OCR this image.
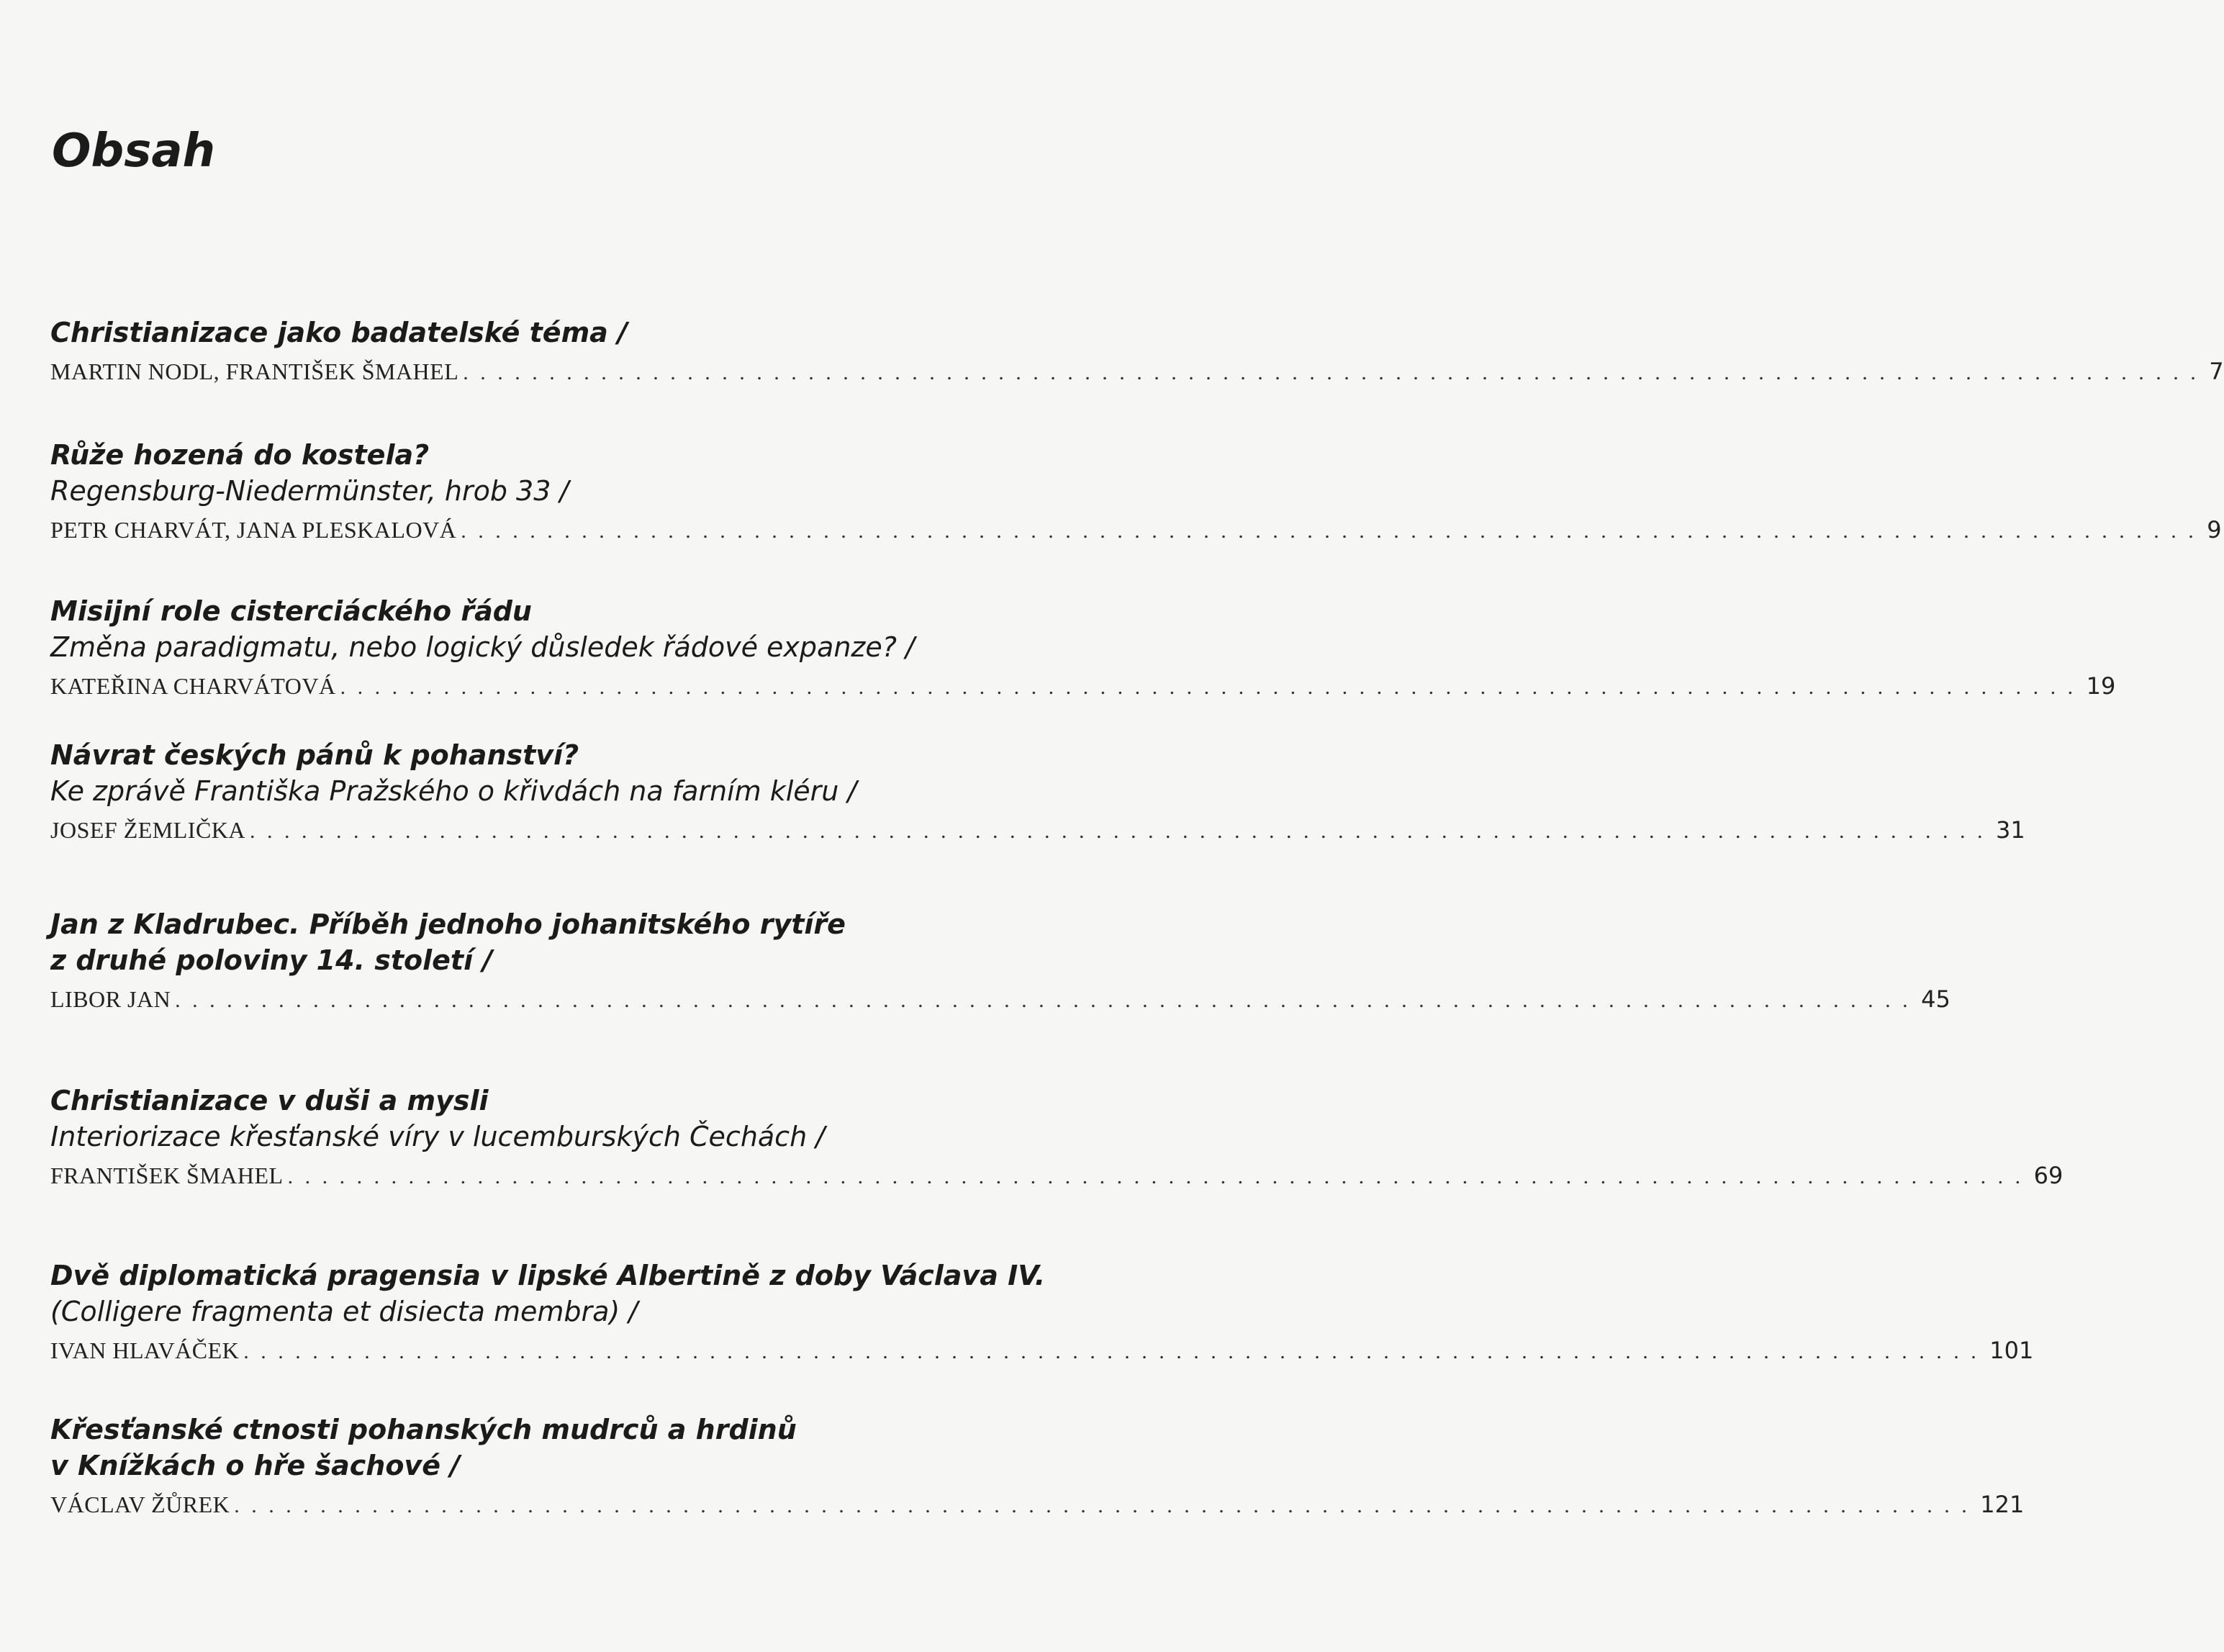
Obsah

Christianizace jako badatelské téma /

MARTIN NODL, FRANTIŠEK ŠMAHEL . . . . . . . . . . . . . . . . . . . . . . . . . . . . . . . . . . . . . . . . . . . . . . . . . . . . . . . . . . . . . . . . . . . . . . . . . . . . . . . . . . . . . . . . . . . . . . . . . . . . . 7

Růže hozená do kostela?

Regensburg-Niedermünster, hrob 33 /

PETR CHARVÁT, JANA PLESKALOVÁ . . . . . . . . . . . . . . . . . . . . . . . . . . . . . . . . . . . . . . . . . . . . . . . . . . . . . . . . . . . . . . . . . . . . . . . . . . . . . . . . . . . . . . . . . . . . . . . . . . . . . 9

Misijní role cisterciáckého řádu

Změna paradigmatu, nebo logický důsledek řádové expanze? /

KATEŘINA CHARVÁTOVÁ . . . . . . . . . . . . . . . . . . . . . . . . . . . . . . . . . . . . . . . . . . . . . . . . . . . . . . . . . . . . . . . . . . . . . . . . . . . . . . . . . . . . . . . . . . . . . . . . . . . . . 19

Návrat českých pánů k pohanství?

Ke zprávě Františka Pražského o křivdách na farním kléru /

JOSEF ŽEMLIČKA . . . . . . . . . . . . . . . . . . . . . . . . . . . . . . . . . . . . . . . . . . . . . . . . . . . . . . . . . . . . . . . . . . . . . . . . . . . . . . . . . . . . . . . . . . . . . . . . . . . . . 31

Jan z Kladrubec. Příběh jednoho johanitského rytíře

z druhé poloviny 14. století /

LIBOR JAN . . . . . . . . . . . . . . . . . . . . . . . . . . . . . . . . . . . . . . . . . . . . . . . . . . . . . . . . . . . . . . . . . . . . . . . . . . . . . . . . . . . . . . . . . . . . . . . . . . . . . 45

Christianizace v duši a mysli

Interiorizace křesťanské víry v lucemburských Čechách /

FRANTIŠEK ŠMAHEL . . . . . . . . . . . . . . . . . . . . . . . . . . . . . . . . . . . . . . . . . . . . . . . . . . . . . . . . . . . . . . . . . . . . . . . . . . . . . . . . . . . . . . . . . . . . . . . . . . . . . 69

Dvě diplomatická pragensia v lipské Albertině z doby Václava IV.

(Colligere fragmenta et disiecta membra) /

IVAN HLAVÁČEK . . . . . . . . . . . . . . . . . . . . . . . . . . . . . . . . . . . . . . . . . . . . . . . . . . . . . . . . . . . . . . . . . . . . . . . . . . . . . . . . . . . . . . . . . . . . . . . . . . . . . 101

Křesťanské ctnosti pohanských mudrců a hrdinů

v Knížkách o hře šachové /

VÁCLAV ŽŮREK . . . . . . . . . . . . . . . . . . . . . . . . . . . . . . . . . . . . . . . . . . . . . . . . . . . . . . . . . . . . . . . . . . . . . . . . . . . . . . . . . . . . . . . . . . . . . . . . . . . . . 121
